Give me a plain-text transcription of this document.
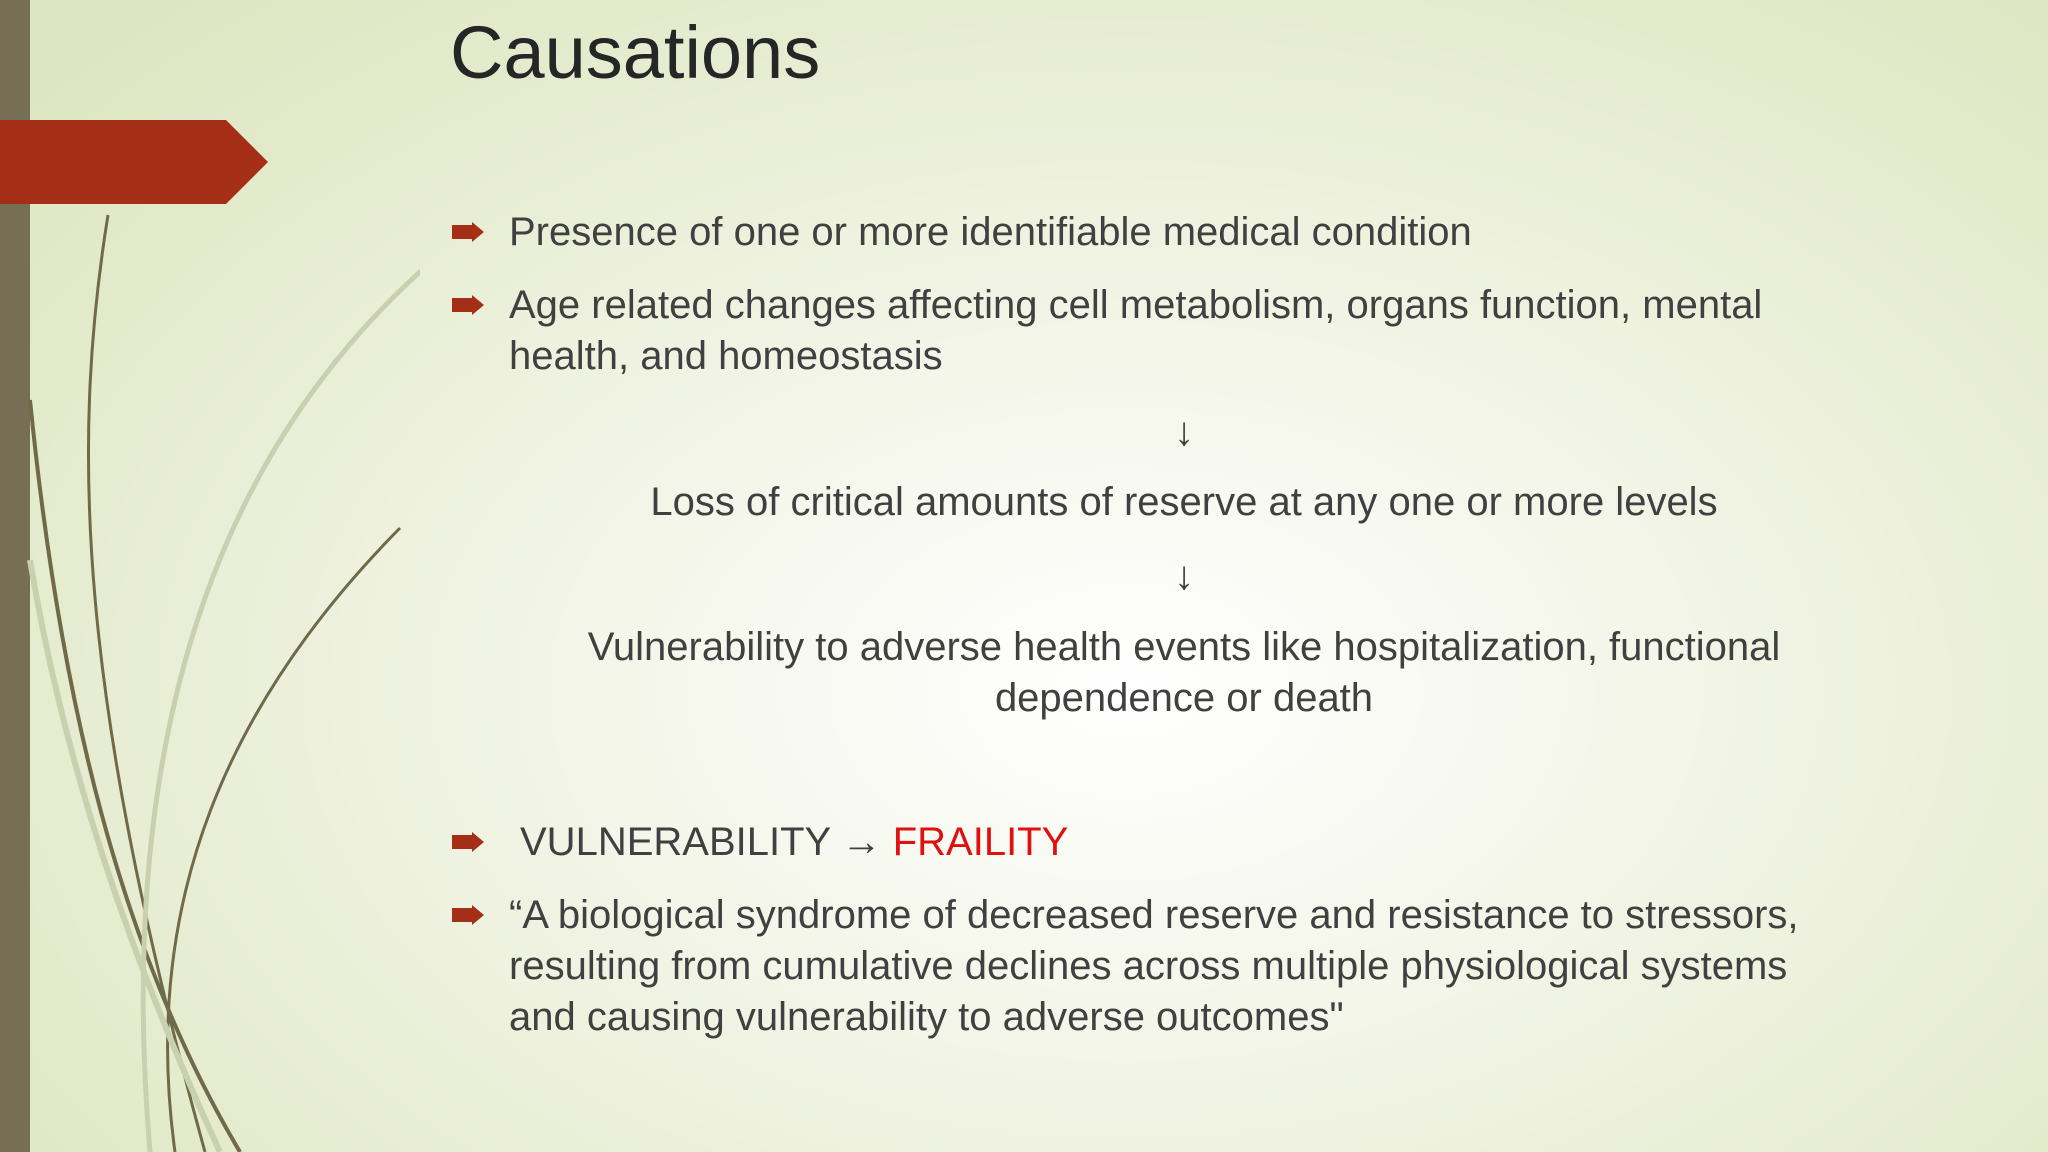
Causations
Presence of one or more identifiable medical condition
Age related changes affecting cell metabolism, organs function, mental
health, and homeostasis
↓
Loss of critical amounts of reserve at any one or more levels
↓
Vulnerability to adverse health events like hospitalization, functional
dependence or death
VULNERABILITY → FRAILITY
“A biological syndrome of decreased reserve and resistance to stressors,
resulting from cumulative declines across multiple physiological systems
and causing vulnerability to adverse outcomes"
